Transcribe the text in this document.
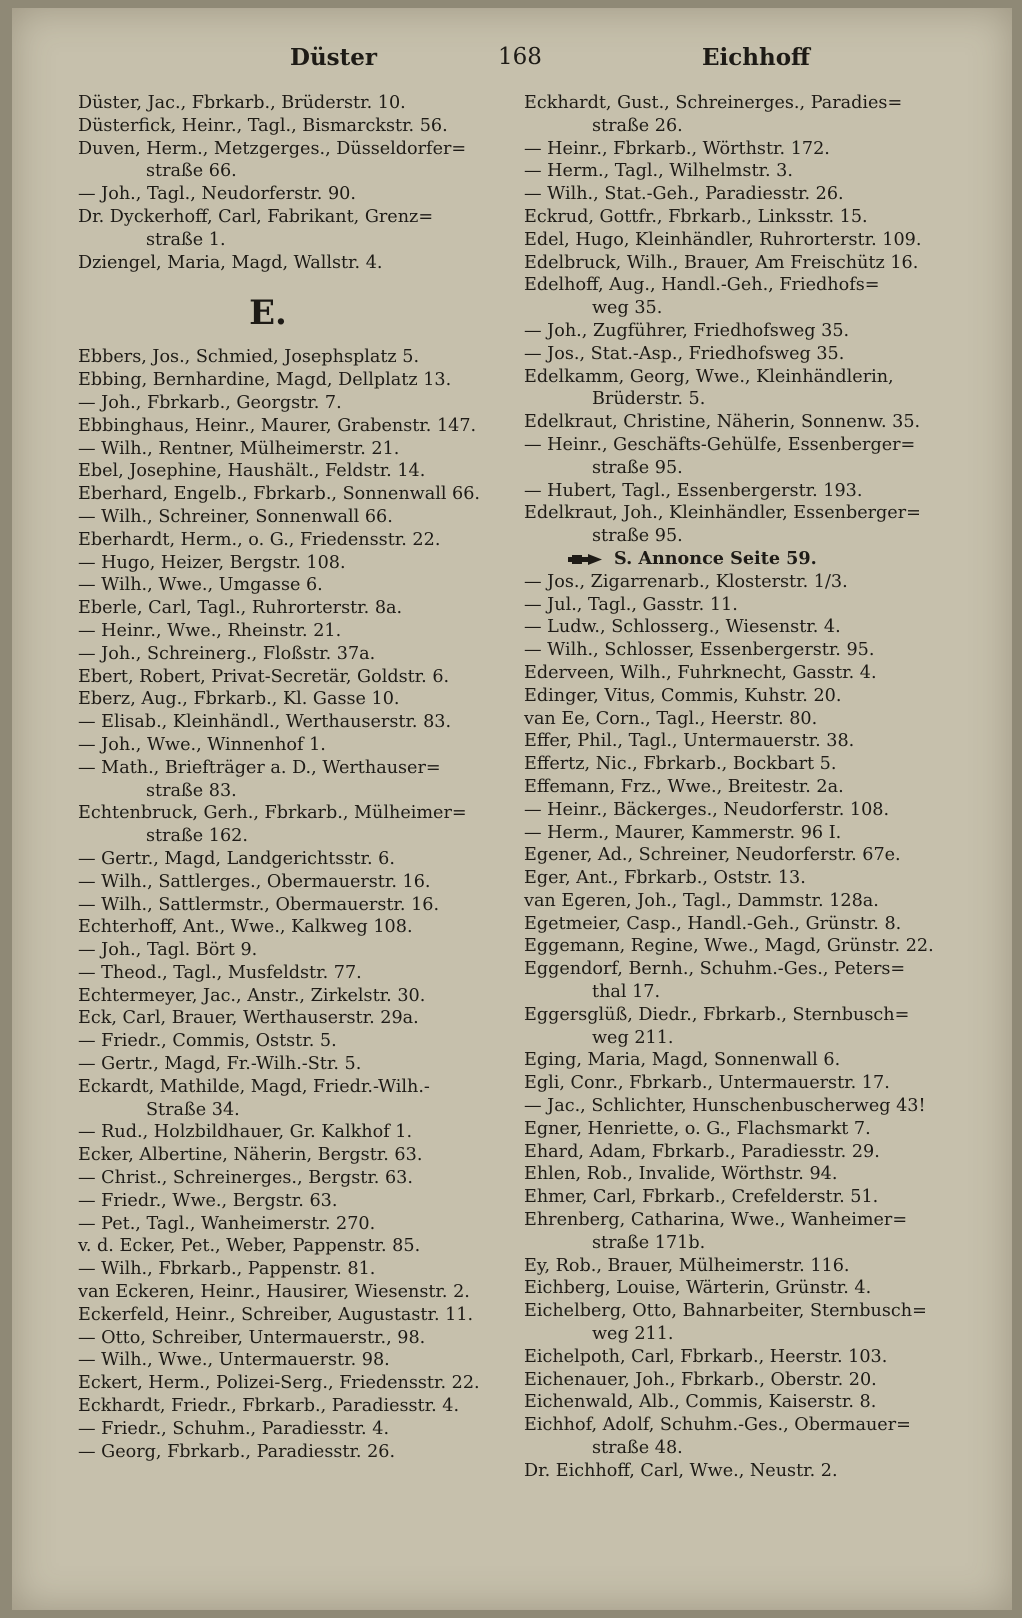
Düster	168	Eichhoff
Düster, Jac., Fbrkarb., Brüderstr. 10.
Düsterfick, Heinr., Tagl., Bismarckstr. 56.
Duven, Herm., Metzgerges., Düsseldorfer=
straße 66.
— Joh., Tagl., Neudorferstr. 90.
Dr. Dyckerhoff, Carl, Fabrikant, Grenz=
straße 1.
Dziengel, Maria, Magd, Wallstr. 4.
E.
Ebbers, Jos., Schmied, Josephsplatz 5.
Ebbing, Bernhardine, Magd, Dellplatz 13.
— Joh., Fbrkarb., Georgstr. 7.
Ebbinghaus, Heinr., Maurer, Grabenstr. 147.
— Wilh., Rentner, Mülheimerstr. 21.
Ebel, Josephine, Haushält., Feldstr. 14.
Eberhard, Engelb., Fbrkarb., Sonnenwall 66.
— Wilh., Schreiner, Sonnenwall 66.
Eberhardt, Herm., o. G., Friedensstr. 22.
— Hugo, Heizer, Bergstr. 108.
— Wilh., Wwe., Umgasse 6.
Eberle, Carl, Tagl., Ruhrorterstr. 8a.
— Heinr., Wwe., Rheinstr. 21.
— Joh., Schreinerg., Floßstr. 37a.
Ebert, Robert, Privat-Secretär, Goldstr. 6.
Eberz, Aug., Fbrkarb., Kl. Gasse 10.
— Elisab., Kleinhändl., Werthauserstr. 83.
— Joh., Wwe., Winnenhof 1.
— Math., Briefträger a. D., Werthauser=
straße 83.
Echtenbruck, Gerh., Fbrkarb., Mülheimer=
straße 162.
— Gertr., Magd, Landgerichtsstr. 6.
— Wilh., Sattlerges., Obermauerstr. 16.
— Wilh., Sattlermstr., Obermauerstr. 16.
Echterhoff, Ant., Wwe., Kalkweg 108.
— Joh., Tagl. Bört 9.
— Theod., Tagl., Musfeldstr. 77.
Echtermeyer, Jac., Anstr., Zirkelstr. 30.
Eck, Carl, Brauer, Werthauserstr. 29a.
— Friedr., Commis, Oststr. 5.
— Gertr., Magd, Fr.-Wilh.-Str. 5.
Eckardt, Mathilde, Magd, Friedr.-Wilh.-
Straße 34.
— Rud., Holzbildhauer, Gr. Kalkhof 1.
Ecker, Albertine, Näherin, Bergstr. 63.
— Christ., Schreinerges., Bergstr. 63.
— Friedr., Wwe., Bergstr. 63.
— Pet., Tagl., Wanheimerstr. 270.
v. d. Ecker, Pet., Weber, Pappenstr. 85.
— Wilh., Fbrkarb., Pappenstr. 81.
van Eckeren, Heinr., Hausirer, Wiesenstr. 2.
Eckerfeld, Heinr., Schreiber, Augustastr. 11.
— Otto, Schreiber, Untermauerstr., 98.
— Wilh., Wwe., Untermauerstr. 98.
Eckert, Herm., Polizei-Serg., Friedensstr. 22.
Eckhardt, Friedr., Fbrkarb., Paradiesstr. 4.
— Friedr., Schuhm., Paradiesstr. 4.
— Georg, Fbrkarb., Paradiesstr. 26.
Eckhardt, Gust., Schreinerges., Paradies=
straße 26.
— Heinr., Fbrkarb., Wörthstr. 172.
— Herm., Tagl., Wilhelmstr. 3.
— Wilh., Stat.-Geh., Paradiesstr. 26.
Eckrud, Gottfr., Fbrkarb., Linksstr. 15.
Edel, Hugo, Kleinhändler, Ruhrorterstr. 109.
Edelbruck, Wilh., Brauer, Am Freischütz 16.
Edelhoff, Aug., Handl.-Geh., Friedhofs=
weg 35.
— Joh., Zugführer, Friedhofsweg 35.
— Jos., Stat.-Asp., Friedhofsweg 35.
Edelkamm, Georg, Wwe., Kleinhändlerin,
Brüderstr. 5.
Edelkraut, Christine, Näherin, Sonnenw. 35.
— Heinr., Geschäfts-Gehülfe, Essenberger=
straße 95.
— Hubert, Tagl., Essenbergerstr. 193.
Edelkraut, Joh., Kleinhändler, Essenberger=
straße 95.
S. Annonce Seite 59.
— Jos., Zigarrenarb., Klosterstr. 1/3.
— Jul., Tagl., Gasstr. 11.
— Ludw., Schlosserg., Wiesenstr. 4.
— Wilh., Schlosser, Essenbergerstr. 95.
Ederveen, Wilh., Fuhrknecht, Gasstr. 4.
Edinger, Vitus, Commis, Kuhstr. 20.
van Ee, Corn., Tagl., Heerstr. 80.
Effer, Phil., Tagl., Untermauerstr. 38.
Effertz, Nic., Fbrkarb., Bockbart 5.
Effemann, Frz., Wwe., Breitestr. 2a.
— Heinr., Bäckerges., Neudorferstr. 108.
— Herm., Maurer, Kammerstr. 96 I.
Egener, Ad., Schreiner, Neudorferstr. 67e.
Eger, Ant., Fbrkarb., Oststr. 13.
van Egeren, Joh., Tagl., Dammstr. 128a.
Egetmeier, Casp., Handl.-Geh., Grünstr. 8.
Eggemann, Regine, Wwe., Magd, Grünstr. 22.
Eggendorf, Bernh., Schuhm.-Ges., Peters=
thal 17.
Eggersglüß, Diedr., Fbrkarb., Sternbusch=
weg 211.
Eging, Maria, Magd, Sonnenwall 6.
Egli, Conr., Fbrkarb., Untermauerstr. 17.
— Jac., Schlichter, Hunschenbuscherweg 43!
Egner, Henriette, o. G., Flachsmarkt 7.
Ehard, Adam, Fbrkarb., Paradiesstr. 29.
Ehlen, Rob., Invalide, Wörthstr. 94.
Ehmer, Carl, Fbrkarb., Crefelderstr. 51.
Ehrenberg, Catharina, Wwe., Wanheimer=
straße 171b.
Ey, Rob., Brauer, Mülheimerstr. 116.
Eichberg, Louise, Wärterin, Grünstr. 4.
Eichelberg, Otto, Bahnarbeiter, Sternbusch=
weg 211.
Eichelpoth, Carl, Fbrkarb., Heerstr. 103.
Eichenauer, Joh., Fbrkarb., Oberstr. 20.
Eichenwald, Alb., Commis, Kaiserstr. 8.
Eichhof, Adolf, Schuhm.-Ges., Obermauer=
straße 48.
Dr. Eichhoff, Carl, Wwe., Neustr. 2.
